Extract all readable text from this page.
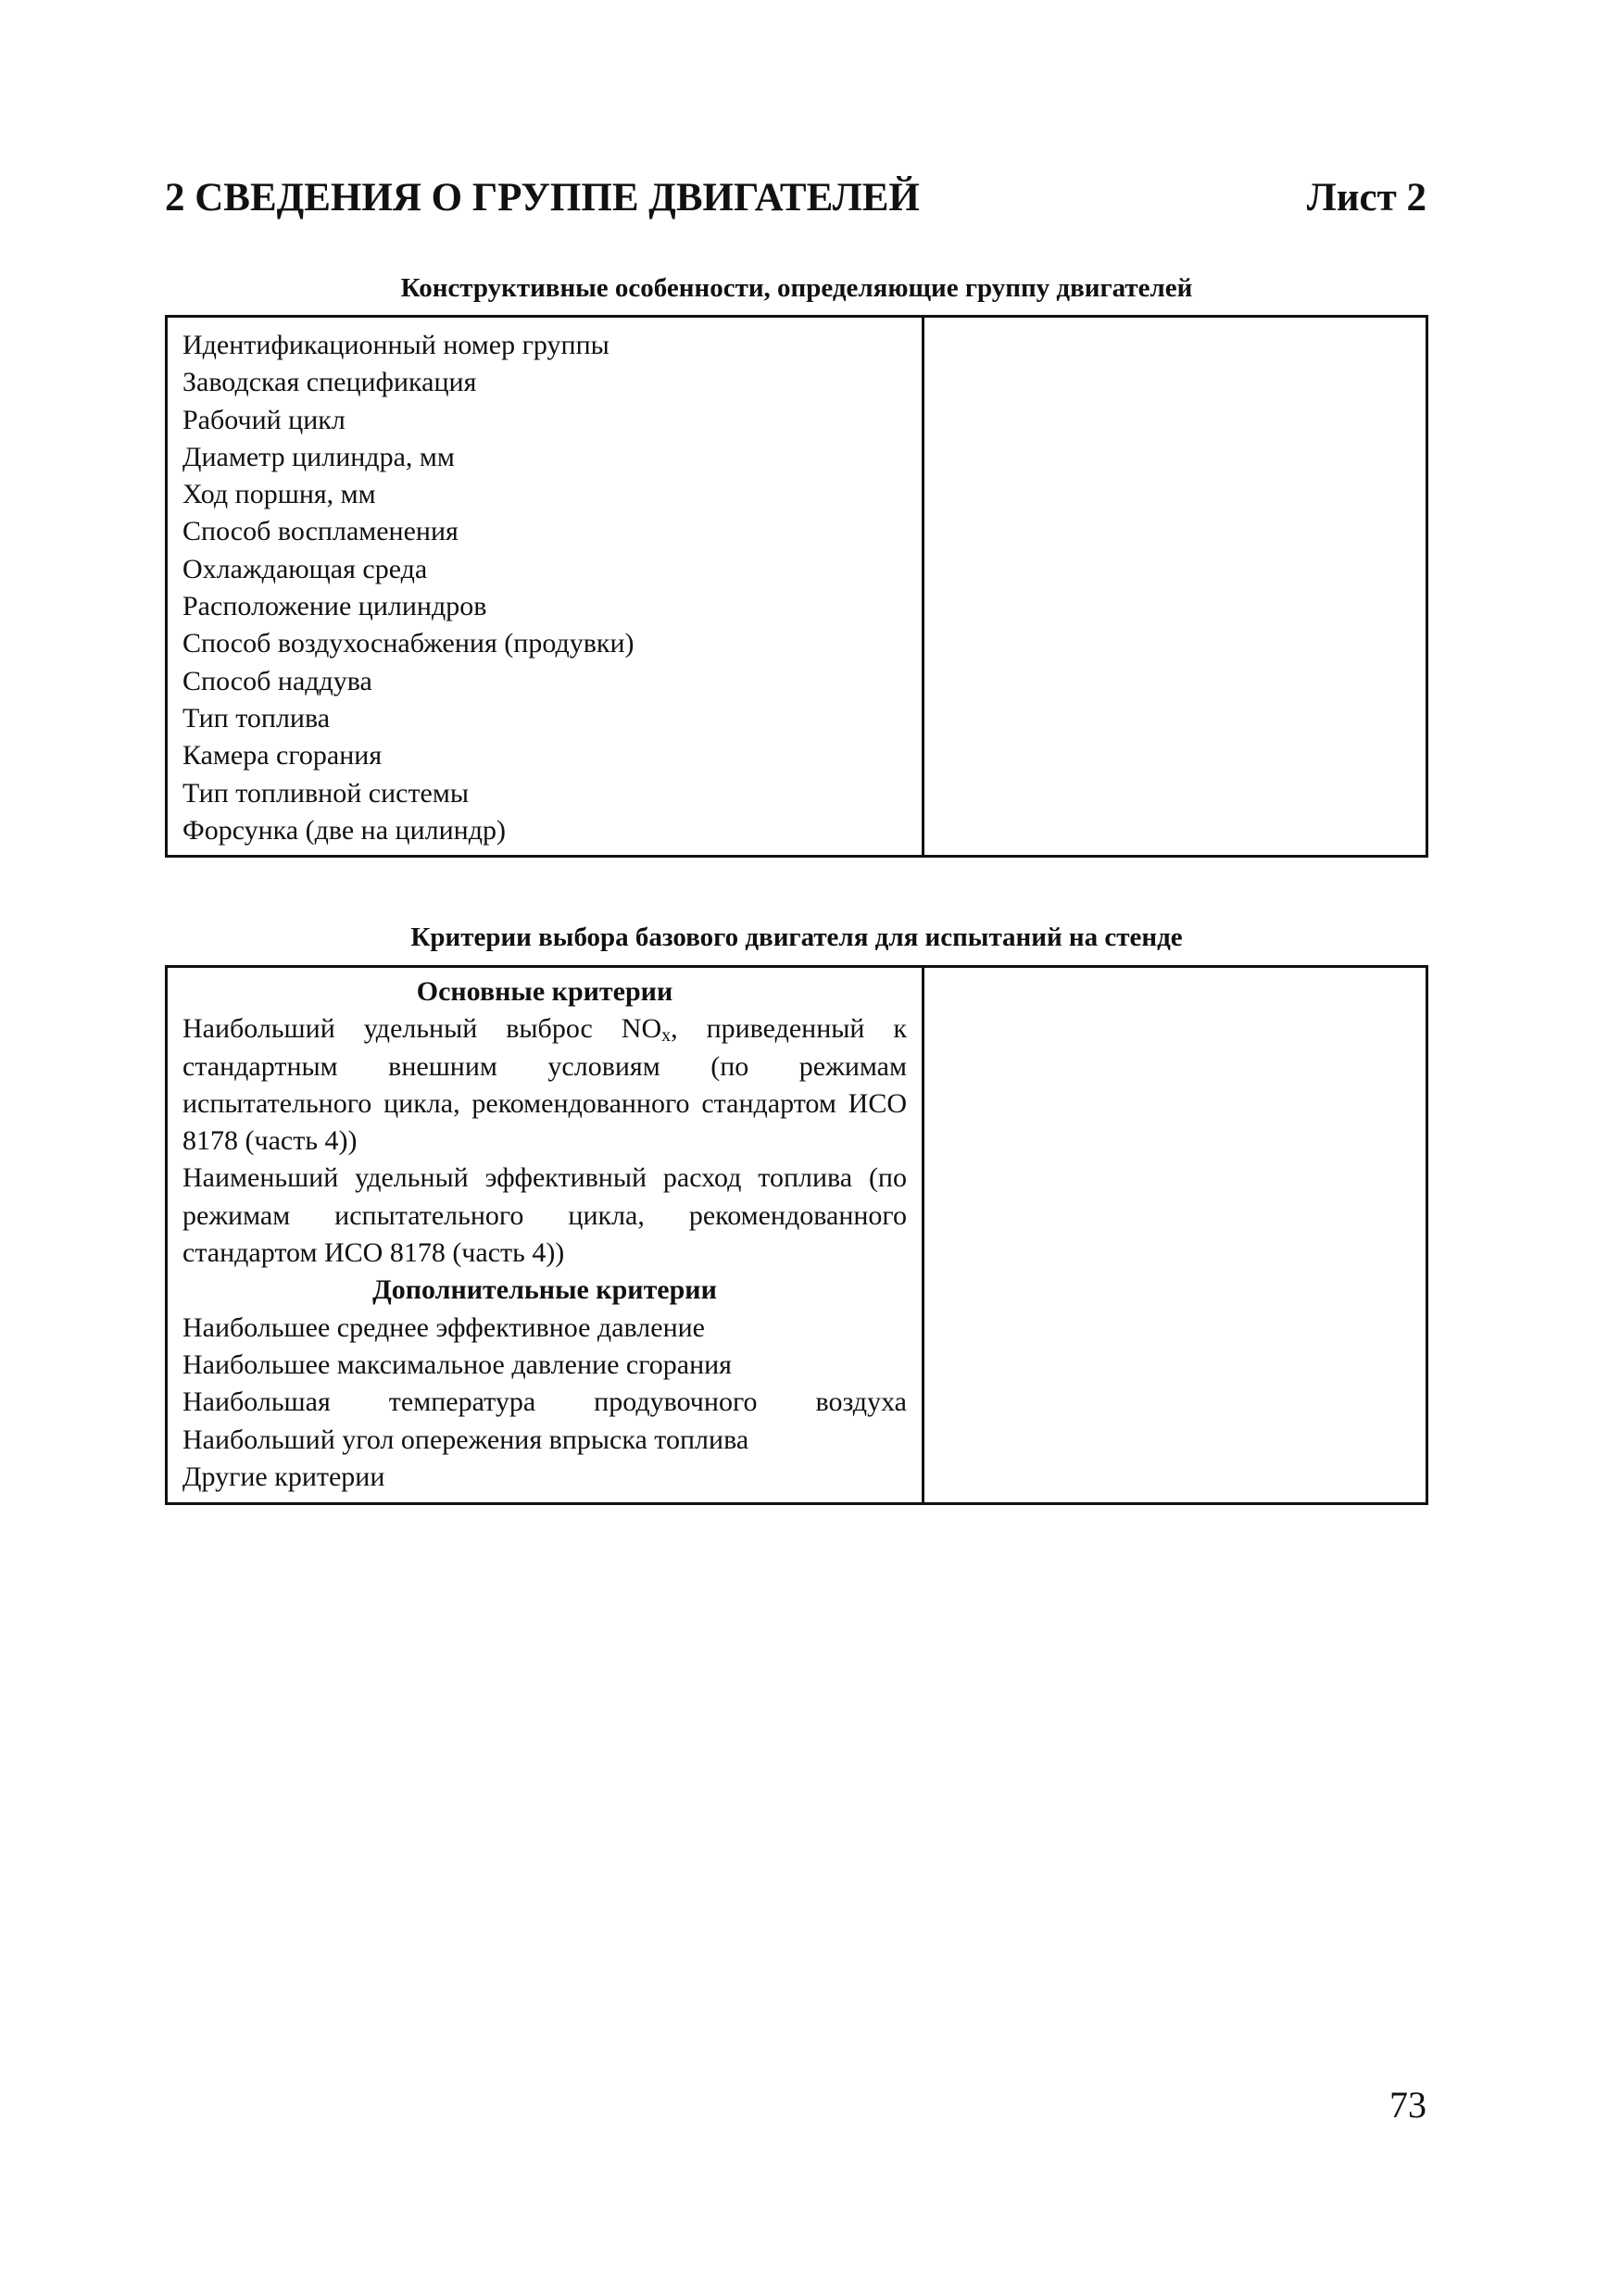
2 СВЕДЕНИЯ О ГРУППЕ ДВИГАТЕЛЕЙ	Лист 2
Конструктивные особенности, определяющие группу двигателей
Идентификационный номер группы
Заводская спецификация
Рабочий цикл
Диаметр цилиндра, мм
Ход поршня, мм
Способ воспламенения
Охлаждающая среда
Расположение цилиндров
Способ воздухоснабжения (продувки)
Способ наддува
Тип топлива
Камера сгорания
Тип топливной системы
Форсунка (две на цилиндр)

Критерии выбора базового двигателя для испытаний на стенде
Основные критерии
Наибольший удельный выброс $NO_x$, приведенный к стандартным внешним условиям (по режимам испытательного цикла, рекомендованного стандартом ИСО 8178 (часть 4))
Наименьший удельный эффективный расход топлива (по режимам испытательного цикла, рекомендованного стандартом ИСО 8178 (часть 4))
Дополнительные критерии
Наибольшее среднее эффективное давление
Наибольшее максимальное давление сгорания
Наибольшая температура продувочного воздуха
Наибольший угол опережения впрыска топлива
Другие критерии

73
